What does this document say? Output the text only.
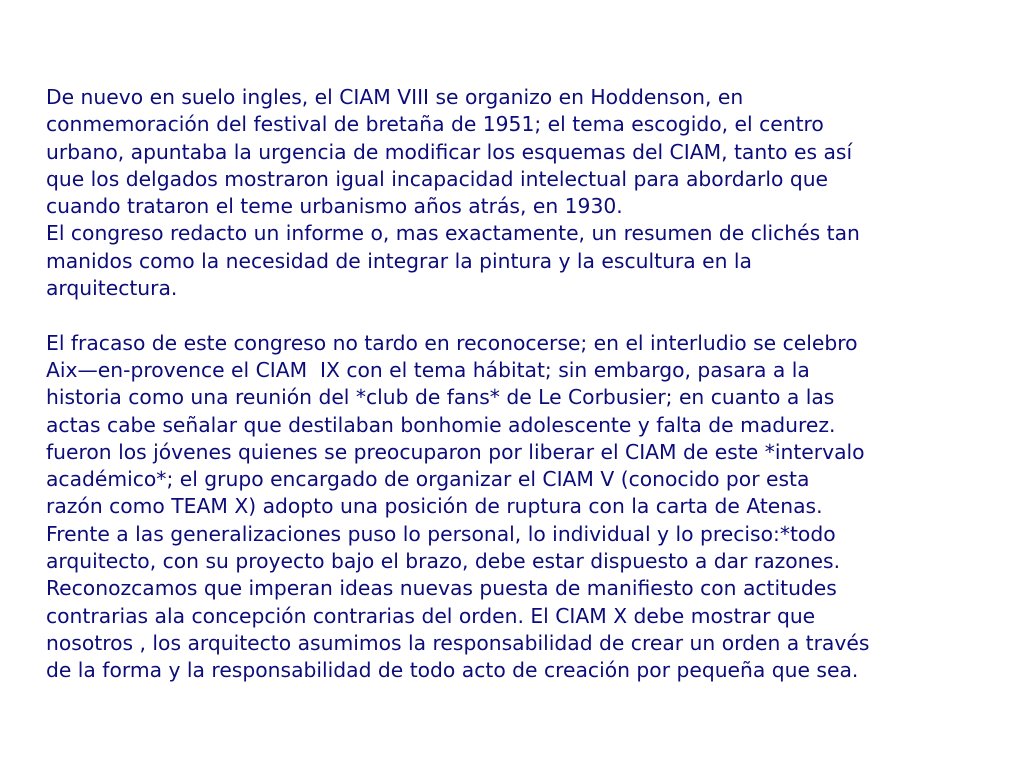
De nuevo en suelo ingles, el CIAM VIII se organizo en Hoddenson, en
conmemoración del festival de bretaña de 1951; el tema escogido, el centro
urbano, apuntaba la urgencia de modificar los esquemas del CIAM, tanto es así
que los delgados mostraron igual incapacidad intelectual para abordarlo que
cuando trataron el teme urbanismo años atrás, en 1930.
El congreso redacto un informe o, mas exactamente, un resumen de clichés tan
manidos como la necesidad de integrar la pintura y la escultura en la
arquitectura.
El fracaso de este congreso no tardo en reconocerse; en el interludio se celebro
Aix—en-provence el CIAM  IX con el tema hábitat; sin embargo, pasara a la
historia como una reunión del *club de fans* de Le Corbusier; en cuanto a las
actas cabe señalar que destilaban bonhomie adolescente y falta de madurez.
fueron los jóvenes quienes se preocuparon por liberar el CIAM de este *intervalo
académico*; el grupo encargado de organizar el CIAM V (conocido por esta
razón como TEAM X) adopto una posición de ruptura con la carta de Atenas.
Frente a las generalizaciones puso lo personal, lo individual y lo preciso:*todo
arquitecto, con su proyecto bajo el brazo, debe estar dispuesto a dar razones.
Reconozcamos que imperan ideas nuevas puesta de manifiesto con actitudes
contrarias ala concepción contrarias del orden. El CIAM X debe mostrar que
nosotros , los arquitecto asumimos la responsabilidad de crear un orden a través
de la forma y la responsabilidad de todo acto de creación por pequeña que sea.
